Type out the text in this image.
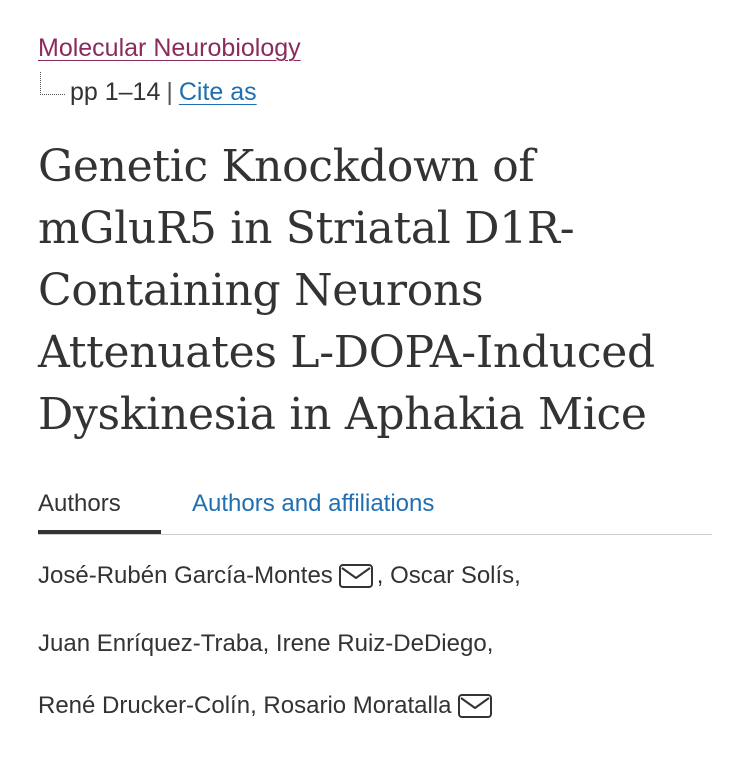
Molecular Neurobiology
pp 1–14 | Cite as
Genetic Knockdown of
mGluR5 in Striatal D1R-
Containing Neurons
Attenuates L-DOPA-Induced
Dyskinesia in Aphakia Mice
Authors	Authors and affiliations
José-Rubén García-Montes , Oscar Solís ,
Juan Enríquez-Traba , Irene Ruiz-DeDiego ,
René Drucker-Colín , Rosario Moratalla
